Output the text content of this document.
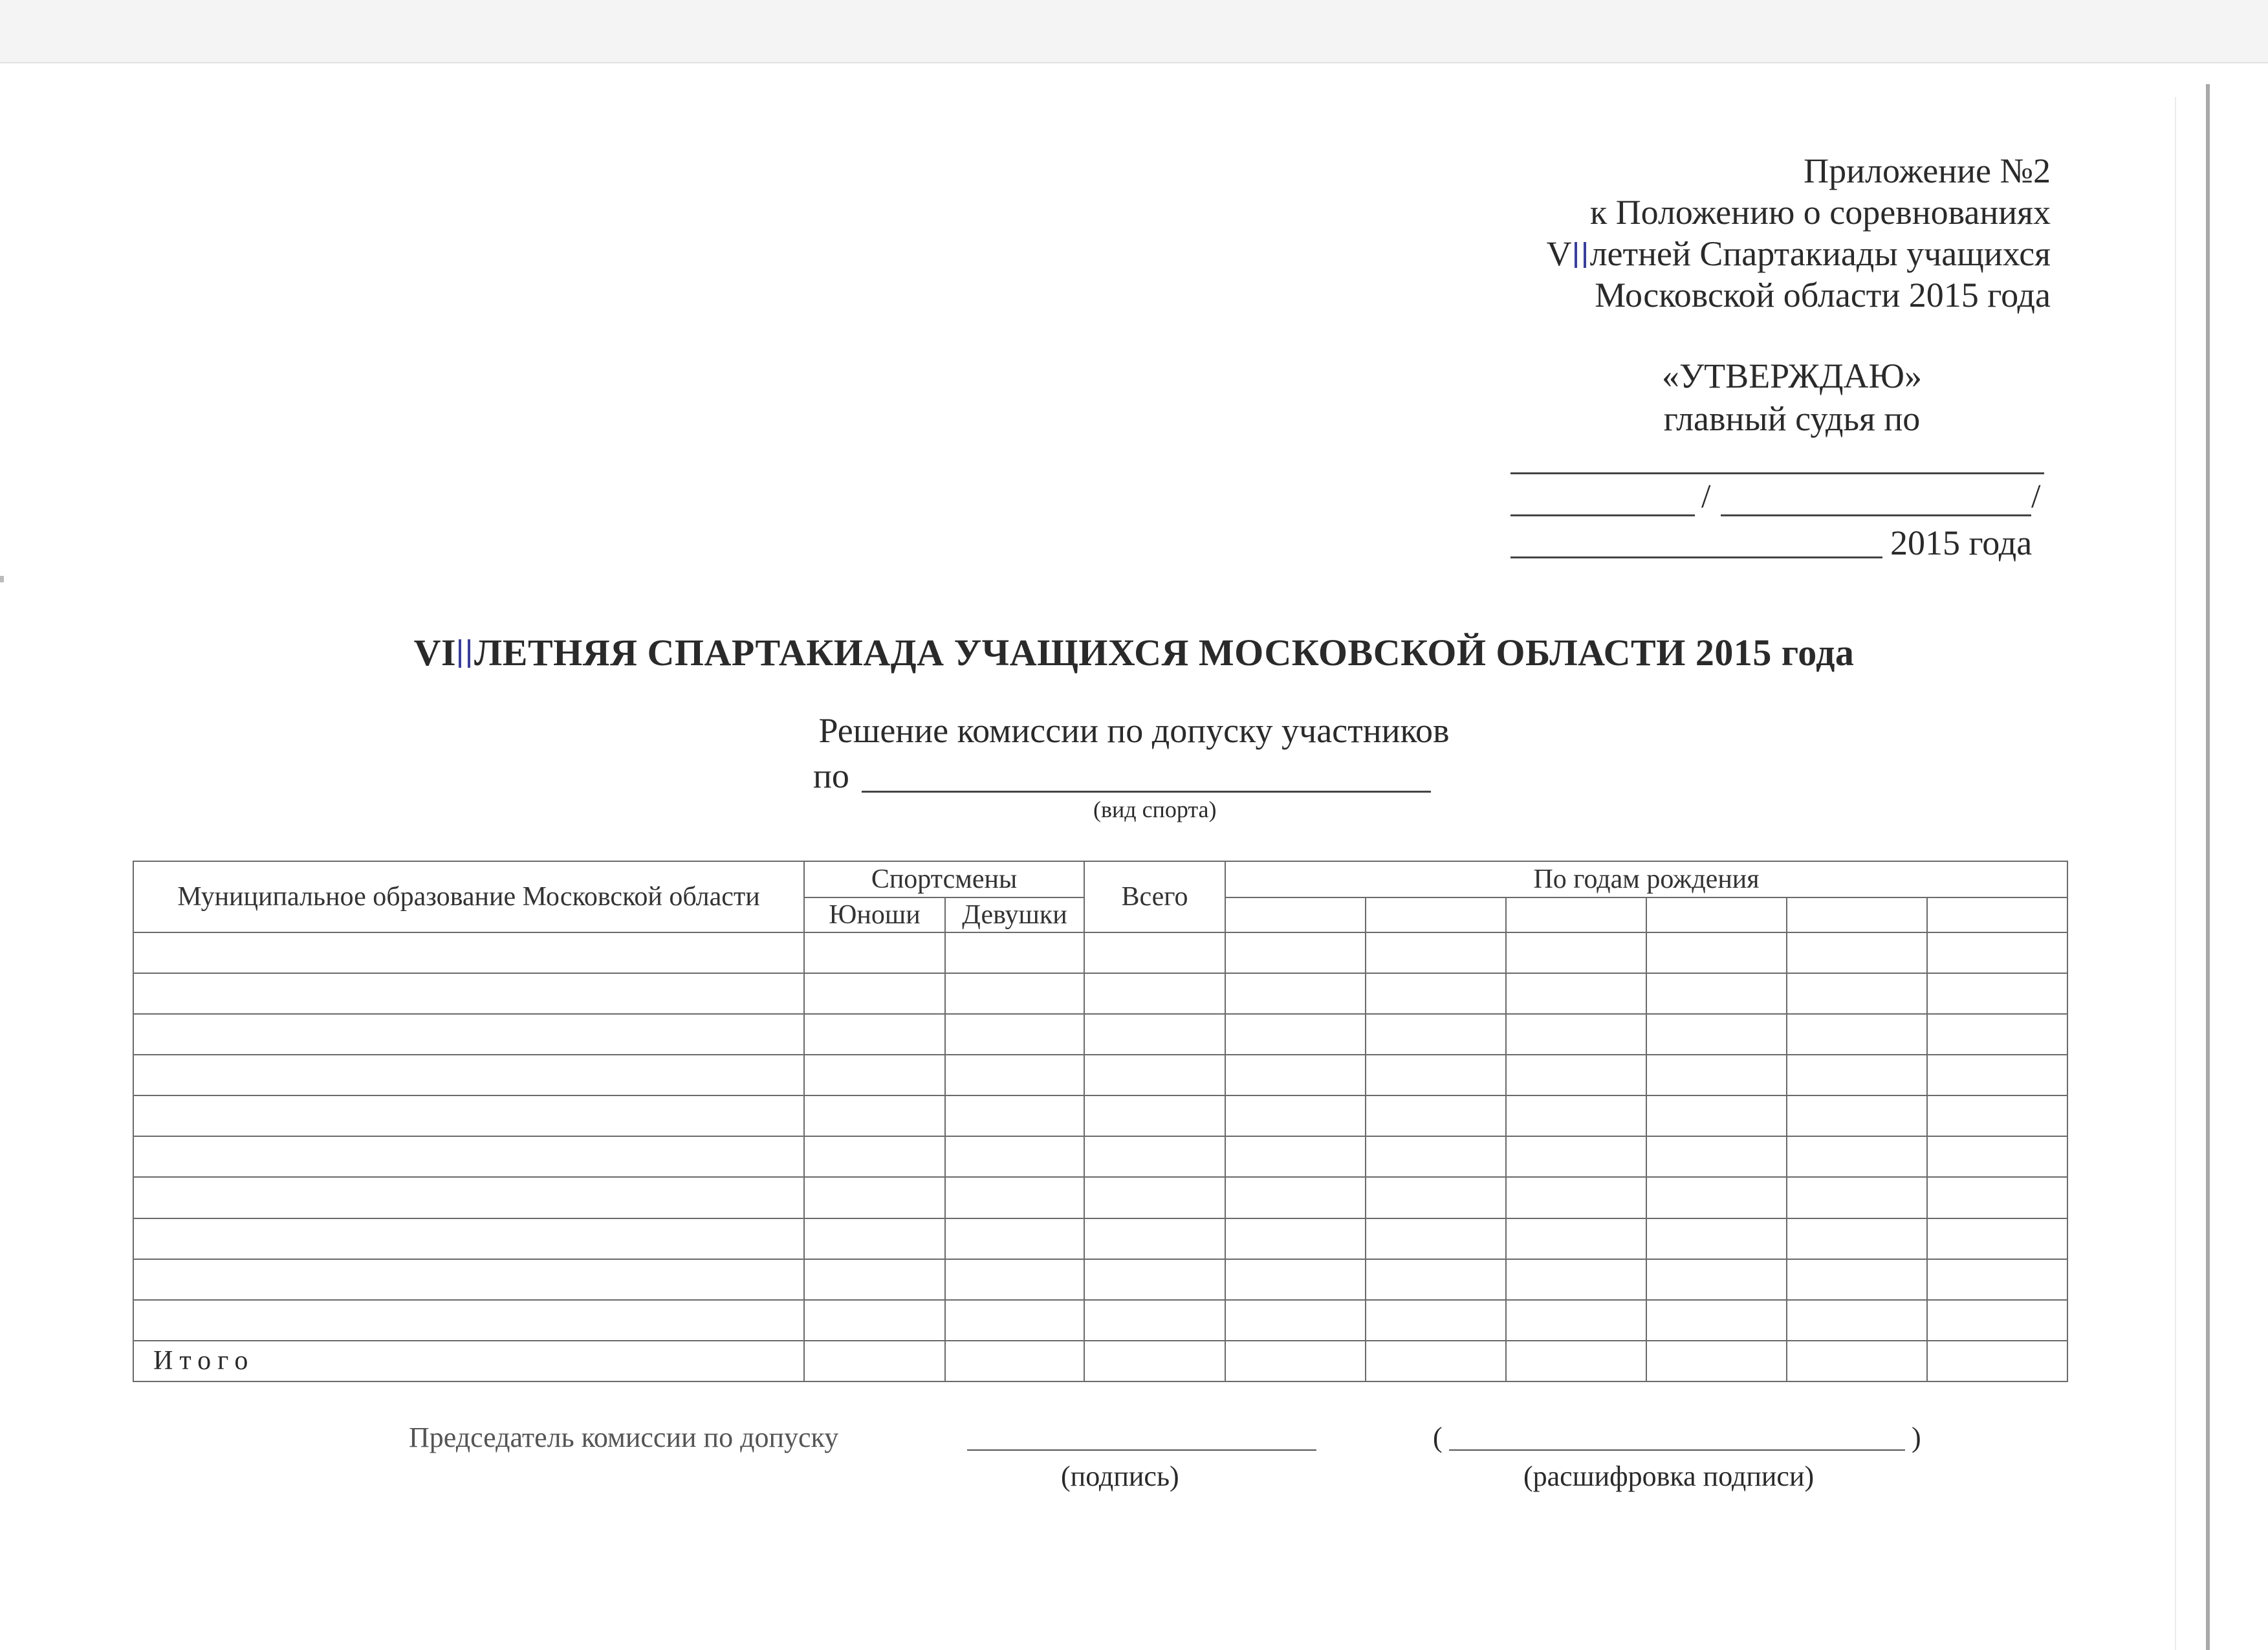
Приложение №2
к Положению о соревнованиях
V летней Спартакиады учащихся
Московской области 2015 года
«УТВЕРЖДАЮ»
главный судья по
/	/
2015 года
VI ЛЕТНЯЯ СПАРТАКИАДА УЧАЩИХСЯ МОСКОВСКОЙ ОБЛАСТИ 2015 года
Решение комиссии по допуску участников
по
(вид спорта)
Муниципальное образование Московской области	Спортсмены		Всего	По годам рождения					
	Юноши	Девушки							

Итого									
Председатель комиссии по допуску	(	)
(подпись)	(расшифровка подписи)
